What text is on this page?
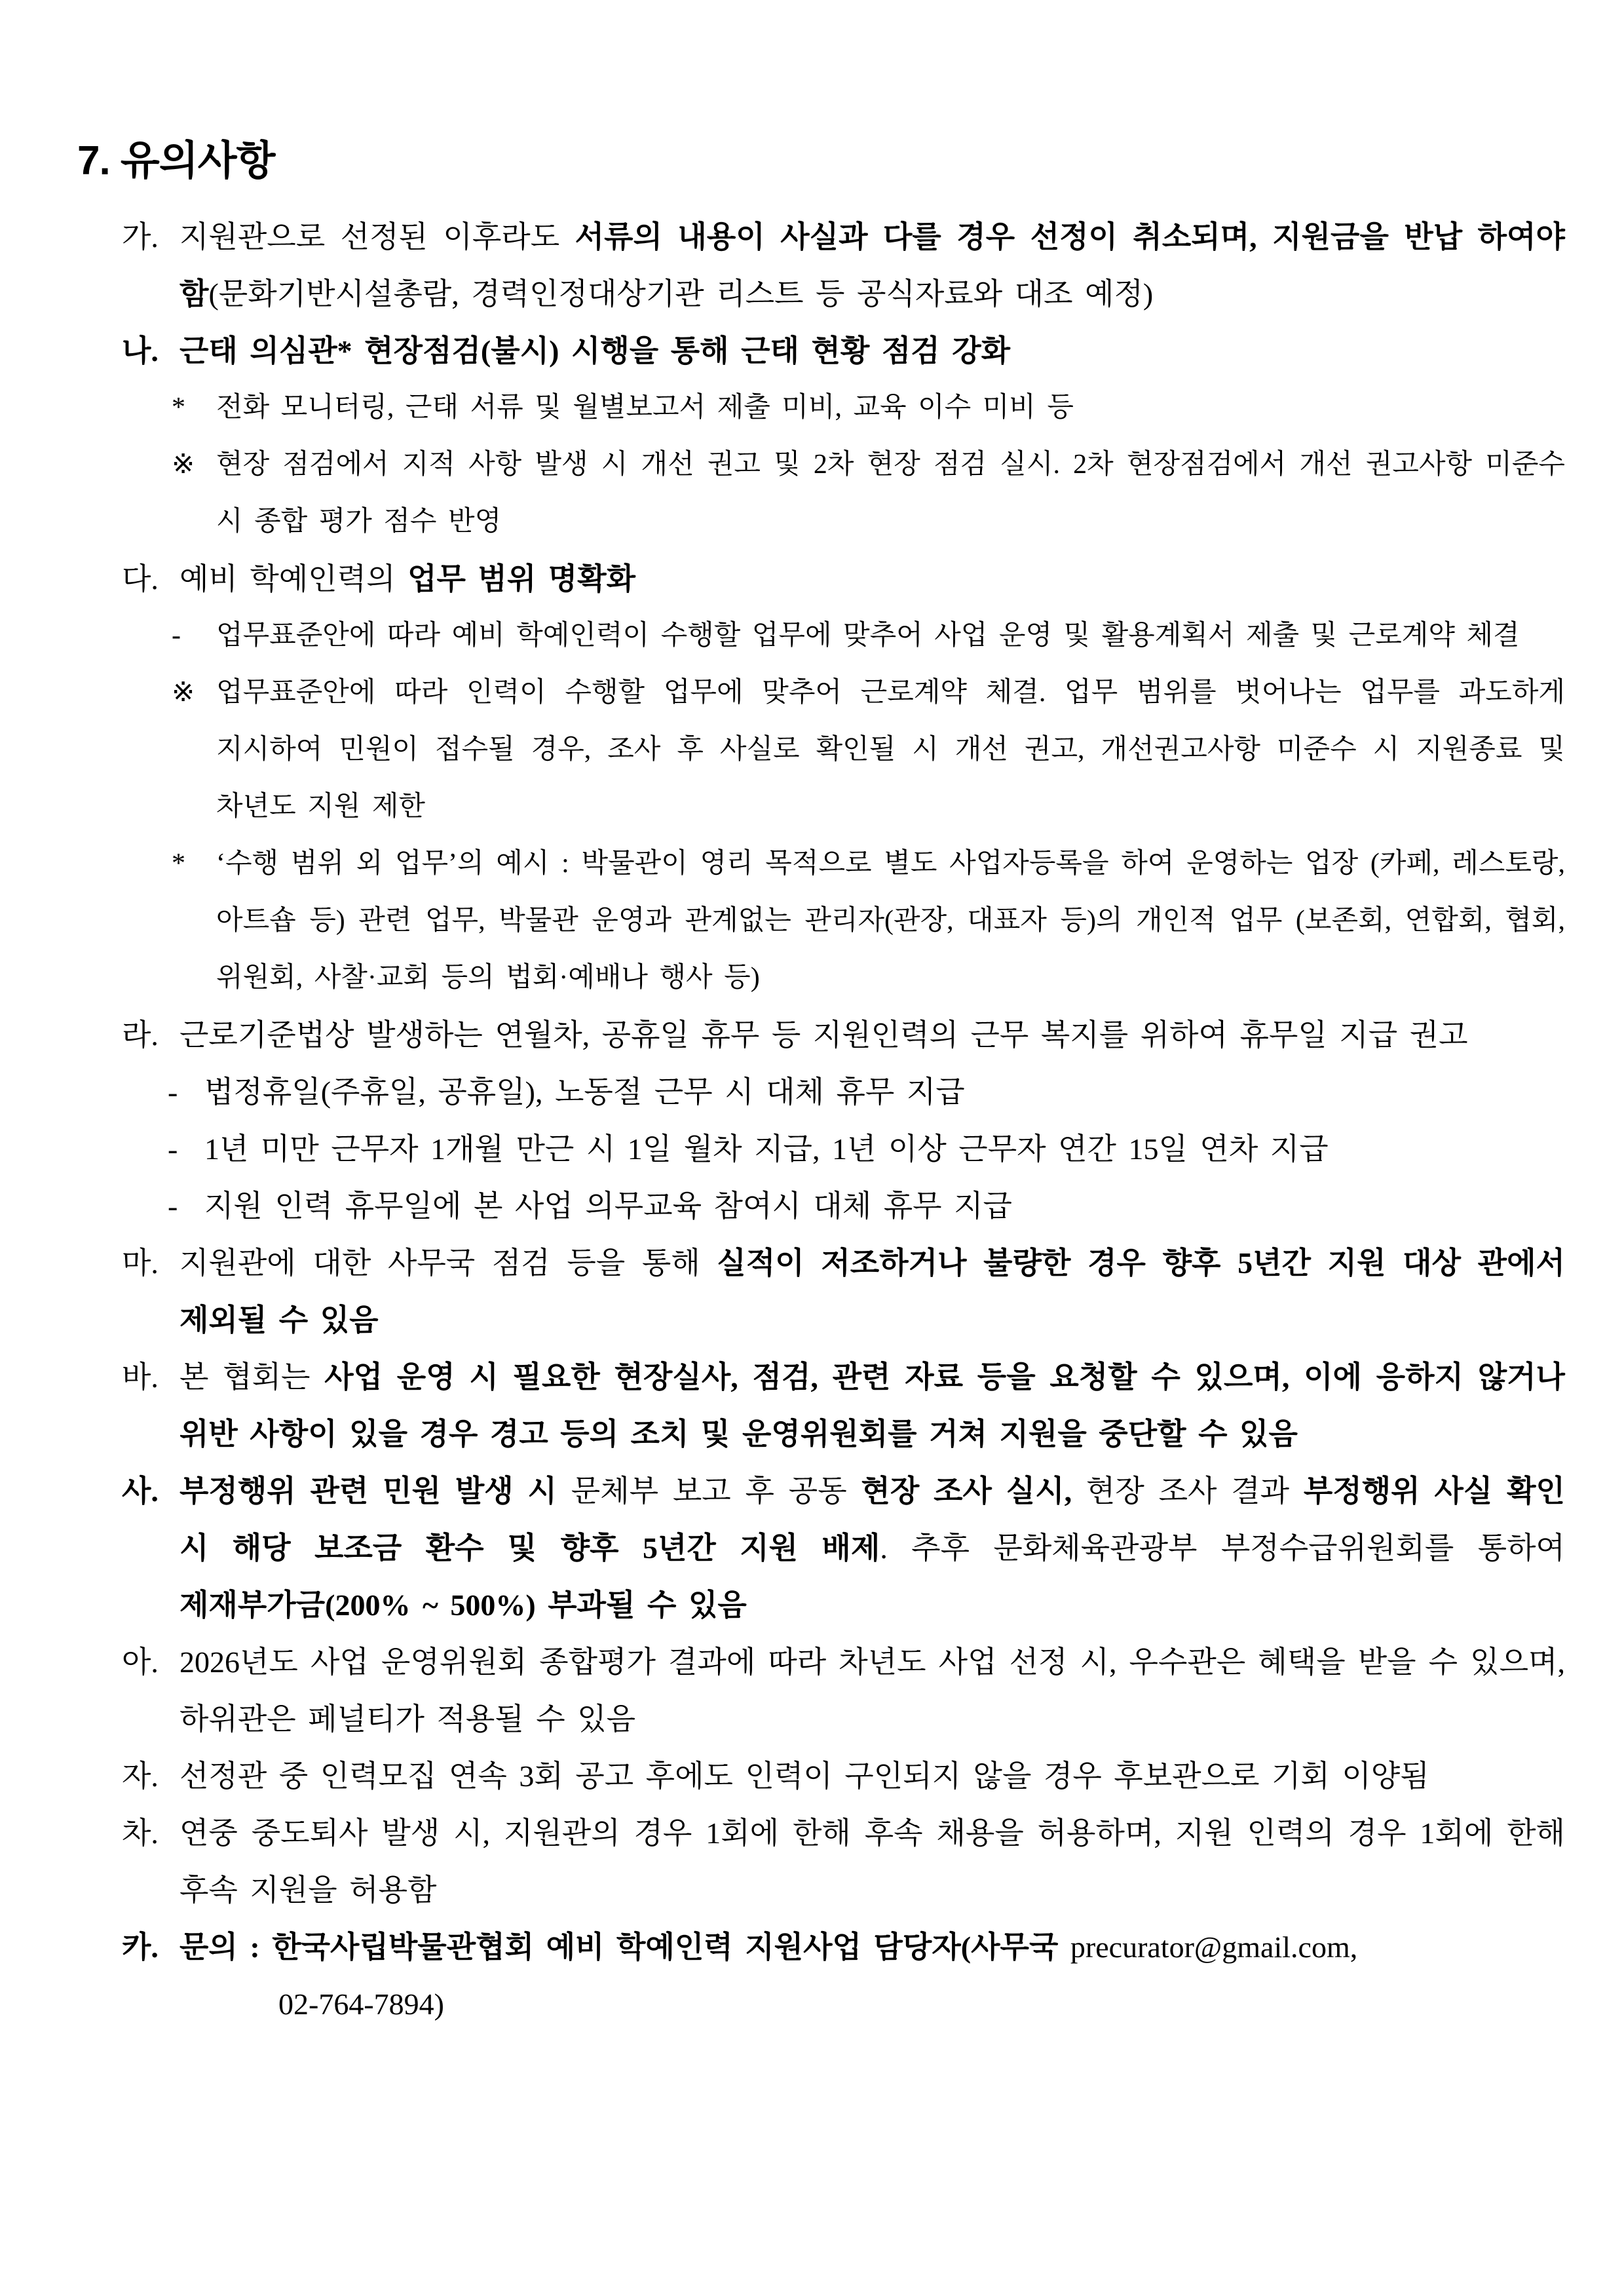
7. 유의사항
가. 지원관으로 선정된 이후라도 서류의 내용이 사실과 다를 경우 선정이 취소되며, 지원금을 반납 하여야 함(문화기반시설총람, 경력인정대상기관 리스트 등 공식자료와 대조 예정)
나. 근태 의심관* 현장점검(불시) 시행을 통해 근태 현황 점검 강화
* 전화 모니터링, 근태 서류 및 월별보고서 제출 미비, 교육 이수 미비 등
※ 현장 점검에서 지적 사항 발생 시 개선 권고 및 2차 현장 점검 실시. 2차 현장점검에서 개선 권고사항 미준수 시 종합 평가 점수 반영
다. 예비 학예인력의 업무 범위 명확화
- 업무표준안에 따라 예비 학예인력이 수행할 업무에 맞추어 사업 운영 및 활용계획서 제출 및 근로계약 체결
※ 업무표준안에 따라 인력이 수행할 업무에 맞추어 근로계약 체결. 업무 범위를 벗어나는 업무를 과도하게 지시하여 민원이 접수될 경우, 조사 후 사실로 확인될 시 개선 권고, 개선권고사항 미준수 시 지원종료 및 차년도 지원 제한
* ‘수행 범위 외 업무’의 예시 : 박물관이 영리 목적으로 별도 사업자등록을 하여 운영하는 업장 (카페, 레스토랑, 아트숍 등) 관련 업무, 박물관 운영과 관계없는 관리자(관장, 대표자 등)의 개인적 업무 (보존회, 연합회, 협회, 위원회, 사찰·교회 등의 법회·예배나 행사 등)
라. 근로기준법상 발생하는 연월차, 공휴일 휴무 등 지원인력의 근무 복지를 위하여 휴무일 지급 권고
- 법정휴일(주휴일, 공휴일), 노동절 근무 시 대체 휴무 지급
- 1년 미만 근무자 1개월 만근 시 1일 월차 지급, 1년 이상 근무자 연간 15일 연차 지급
- 지원 인력 휴무일에 본 사업 의무교육 참여시 대체 휴무 지급
마. 지원관에 대한 사무국 점검 등을 통해 실적이 저조하거나 불량한 경우 향후 5년간 지원 대상 관에서 제외될 수 있음
바. 본 협회는 사업 운영 시 필요한 현장실사, 점검, 관련 자료 등을 요청할 수 있으며, 이에 응하지 않거나 위반 사항이 있을 경우 경고 등의 조치 및 운영위원회를 거쳐 지원을 중단할 수 있음
사. 부정행위 관련 민원 발생 시 문체부 보고 후 공동 현장 조사 실시, 현장 조사 결과 부정행위 사실 확인 시 해당 보조금 환수 및 향후 5년간 지원 배제. 추후 문화체육관광부 부정수급위원회를 통하여 제재부가금(200% ~ 500%) 부과될 수 있음
아. 2026년도 사업 운영위원회 종합평가 결과에 따라 차년도 사업 선정 시, 우수관은 혜택을 받을 수 있으며, 하위관은 페널티가 적용될 수 있음
자. 선정관 중 인력모집 연속 3회 공고 후에도 인력이 구인되지 않을 경우 후보관으로 기회 이양됨
차. 연중 중도퇴사 발생 시, 지원관의 경우 1회에 한해 후속 채용을 허용하며, 지원 인력의 경우 1회에 한해 후속 지원을 허용함
카. 문의 : 한국사립박물관협회 예비 학예인력 지원사업 담당자(사무국 precurator@gmail.com,
02-764-7894)
